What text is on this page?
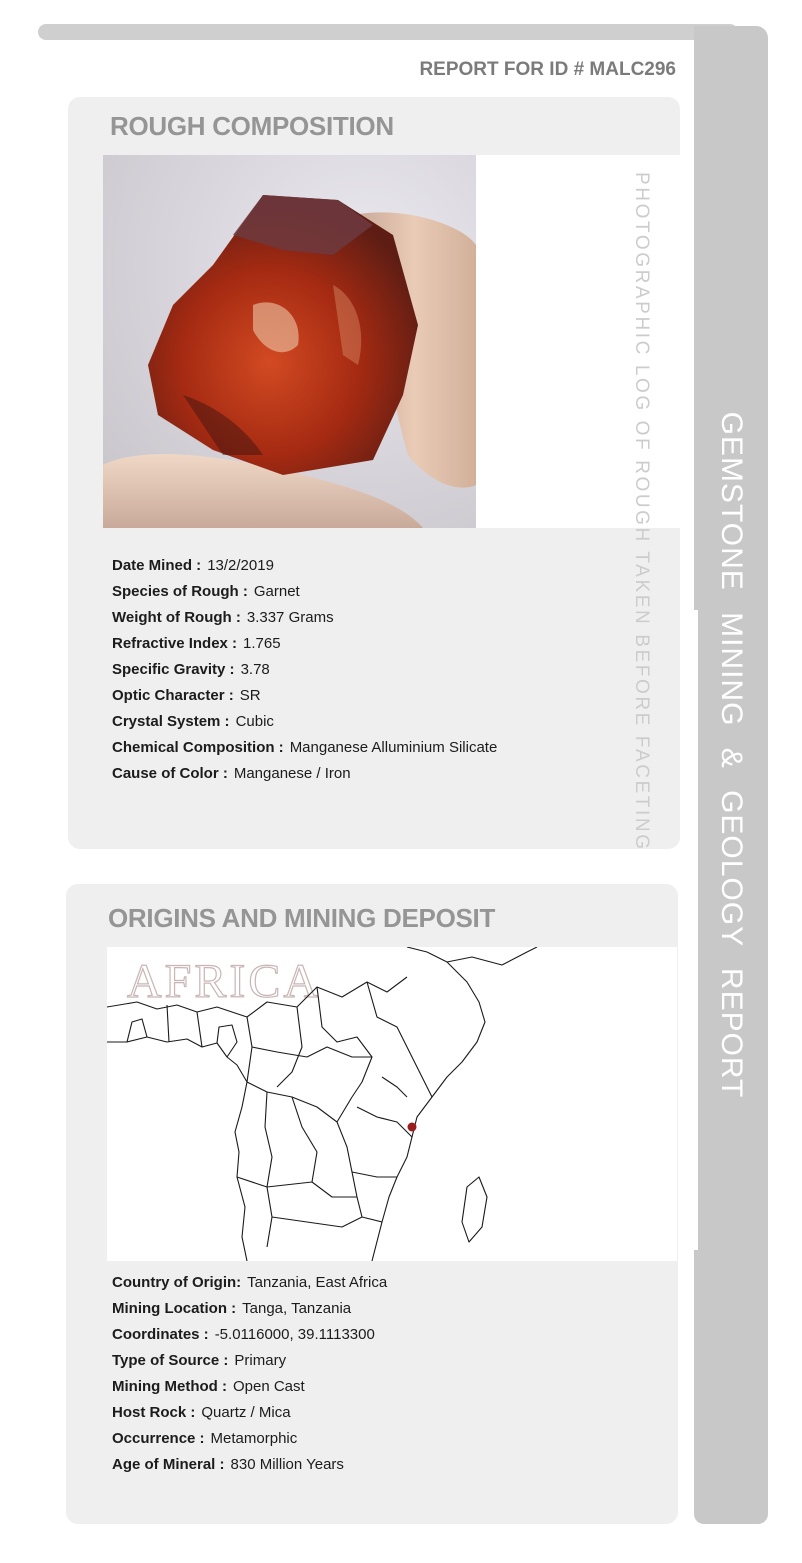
GEMSTONE MINING & GEOLOGY REPORT
REPORT FOR ID # MALC296
ROUGH COMPOSITION
PHOTOGRAPHIC LOG OF ROUGH TAKEN BEFORE FACETING
Date Mined : 13/2/2019
Species of Rough : Garnet
Weight of Rough : 3.337 Grams
Refractive Index : 1.765
Specific Gravity : 3.78
Optic Character : SR
Crystal System : Cubic
Chemical Composition : Manganese Alluminium Silicate
Cause of Color : Manganese / Iron
ORIGINS AND MINING DEPOSIT
AFRICA
Country of Origin: Tanzania, East Africa
Mining Location : Tanga, Tanzania
Coordinates : -5.0116000, 39.1113300
Type of Source : Primary
Mining Method : Open Cast
Host Rock : Quartz / Mica
Occurrence : Metamorphic
Age of Mineral : 830 Million Years
